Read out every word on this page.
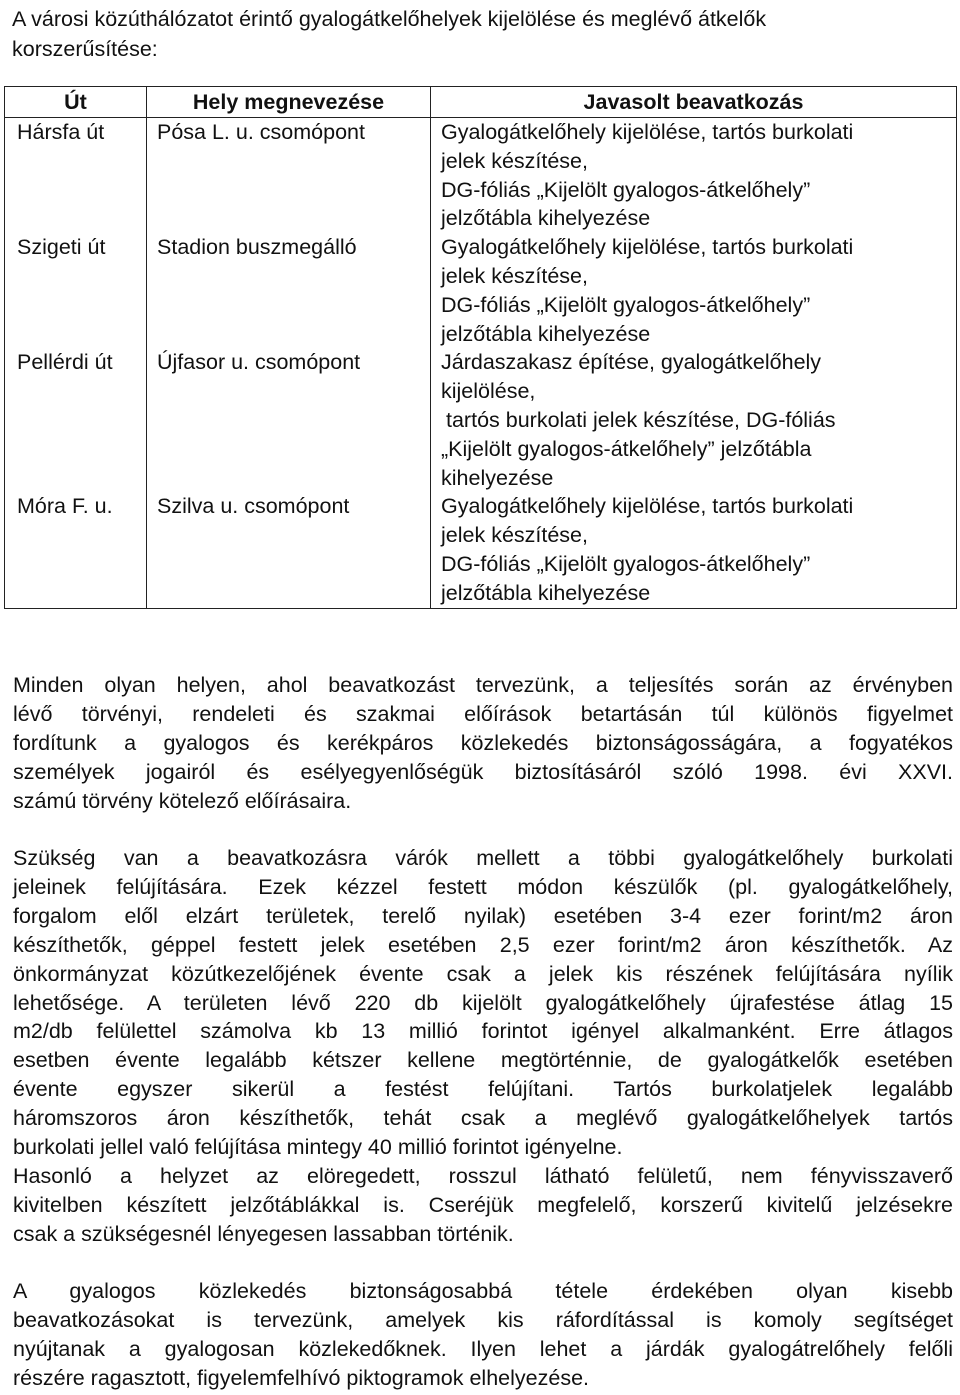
A városi közúthálózatot érintő gyalogátkelőhelyek kijelölése és meglévő átkelők
korszerűsítése:
Út	Hely megnevezése	Javasolt beavatkozás
Hársfa út	Pósa L. u. csomópont	Gyalogátkelőhely kijelölése, tartós burkolati
jelek készítése,
DG-fóliás „Kijelölt gyalogos-átkelőhely”
jelzőtábla kihelyezése

Szigeti út	Stadion buszmegálló	Gyalogátkelőhely kijelölése, tartós burkolati
jelek készítése,
DG-fóliás „Kijelölt gyalogos-átkelőhely”
jelzőtábla kihelyezése

Pellérdi út	Újfasor u. csomópont	Járdaszakasz építése, gyalogátkelőhely
kijelölése,
tartós burkolati jelek készítése, DG-fóliás
„Kijelölt gyalogos-átkelőhely” jelzőtábla
kihelyezése

Móra F. u.	Szilva u. csomópont	Gyalogátkelőhely kijelölése, tartós burkolati
jelek készítése,
DG-fóliás „Kijelölt gyalogos-átkelőhely”
jelzőtábla kihelyezése
Minden olyan helyen, ahol beavatkozást tervezünk, a teljesítés során az érvényben
lévő törvényi, rendeleti és szakmai előírások betartásán túl különös figyelmet
fordítunk a gyalogos és kerékpáros közlekedés biztonságosságára, a fogyatékos
személyek jogairól és esélyegyenlőségük biztosításáról szóló 1998. évi XXVI.
számú törvény kötelező előírásaira.
Szükség van a beavatkozásra várók mellett a többi gyalogátkelőhely burkolati
jeleinek felújítására. Ezek kézzel festett módon készülők (pl. gyalogátkelőhely,
forgalom elől elzárt területek, terelő nyilak) esetében 3-4 ezer forint/m2 áron
készíthetők, géppel festett jelek esetében 2,5 ezer forint/m2 áron készíthetők. Az
önkormányzat közútkezelőjének évente csak a jelek kis részének felújítására nyílik
lehetősége. A területen lévő 220 db kijelölt gyalogátkelőhely újrafestése átlag 15
m2/db felülettel számolva kb 13 millió forintot igényel alkalmanként. Erre átlagos
esetben évente legalább kétszer kellene megtörténnie, de gyalogátkelők esetében
évente egyszer sikerül a festést felújítani. Tartós burkolatjelek legalább
háromszoros áron készíthetők, tehát csak a meglévő gyalogátkelőhelyek tartós
burkolati jellel való felújítása mintegy 40 millió forintot igényelne.
Hasonló a helyzet az elöregedett, rosszul látható felületű, nem fényvisszaverő
kivitelben készített jelzőtáblákkal is. Cseréjük megfelelő, korszerű kivitelű jelzésekre
csak a szükségesnél lényegesen lassabban történik.
A gyalogos közlekedés biztonságosabbá tétele érdekében olyan kisebb
beavatkozásokat is tervezünk, amelyek kis ráfordítással is komoly segítséget
nyújtanak a gyalogosan közlekedőknek. Ilyen lehet a járdák gyalogátrelőhely felőli
részére ragasztott, figyelemfelhívó piktogramok elhelyezése.
